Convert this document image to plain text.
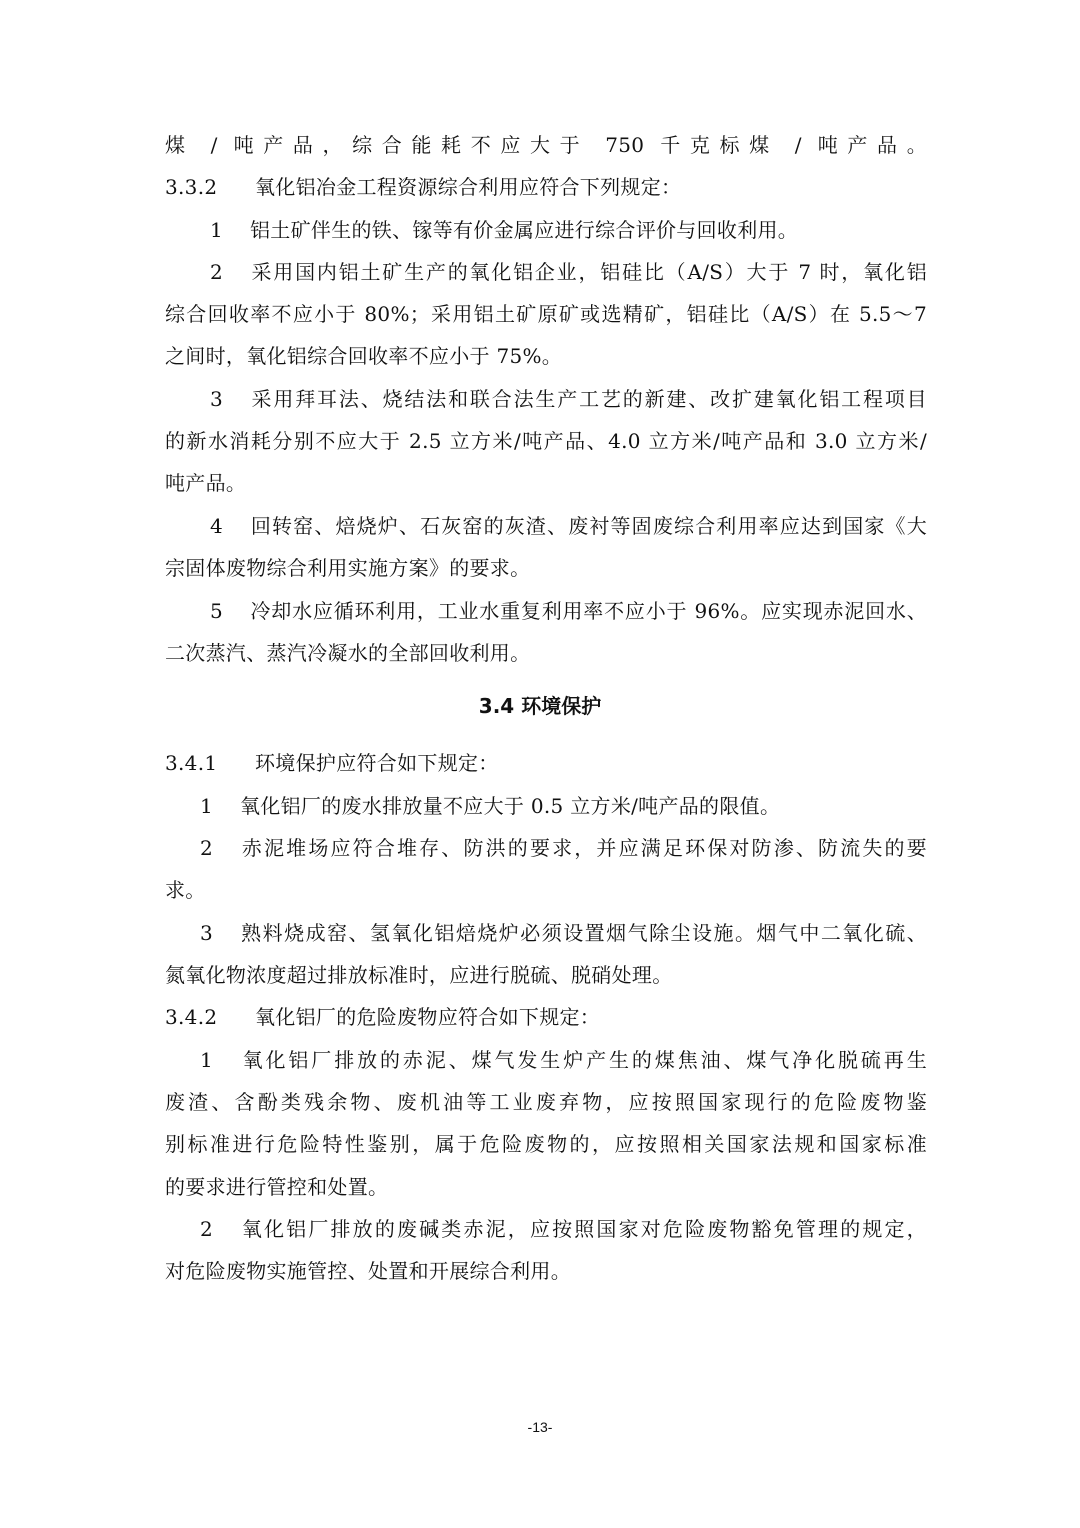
煤 / 吨产品，综合能耗不应大于 750 千克标煤 / 吨产品。
3.3.2 氧化铝冶金工程资源综合利用应符合下列规定：
1 铝土矿伴生的铁、镓等有价金属应进行综合评价与回收利用。
2 采用国内铝土矿生产的氧化铝企业，铝硅比（A/S）大于 7 时，氧化铝
综合回收率不应小于 80%；采用铝土矿原矿或选精矿，铝硅比（A/S）在 5.5～7
之间时，氧化铝综合回收率不应小于 75%。
3 采用拜耳法、烧结法和联合法生产工艺的新建、改扩建氧化铝工程项目
的新水消耗分别不应大于 2.5 立方米/吨产品、4.0 立方米/吨产品和 3.0 立方米/
吨产品。
4 回转窑、焙烧炉、石灰窑的灰渣、废衬等固废综合利用率应达到国家《大
宗固体废物综合利用实施方案》的要求。
5 冷却水应循环利用，工业水重复利用率不应小于 96%。应实现赤泥回水、
二次蒸汽、蒸汽冷凝水的全部回收利用。
3.4 环境保护
3.4.1 环境保护应符合如下规定：
1 氧化铝厂的废水排放量不应大于 0.5 立方米/吨产品的限值。
2 赤泥堆场应符合堆存、防洪的要求，并应满足环保对防渗、防流失的要
求。
3 熟料烧成窑、氢氧化铝焙烧炉必须设置烟气除尘设施。烟气中二氧化硫、
氮氧化物浓度超过排放标准时，应进行脱硫、脱硝处理。
3.4.2 氧化铝厂的危险废物应符合如下规定：
1 氧化铝厂排放的赤泥、煤气发生炉产生的煤焦油、煤气净化脱硫再生
废渣、含酚类残余物、废机油等工业废弃物，应按照国家现行的危险废物鉴
别标准进行危险特性鉴别，属于危险废物的，应按照相关国家法规和国家标准
的要求进行管控和处置。
2 氧化铝厂排放的废碱类赤泥，应按照国家对危险废物豁免管理的规定，
对危险废物实施管控、处置和开展综合利用。
-13-
